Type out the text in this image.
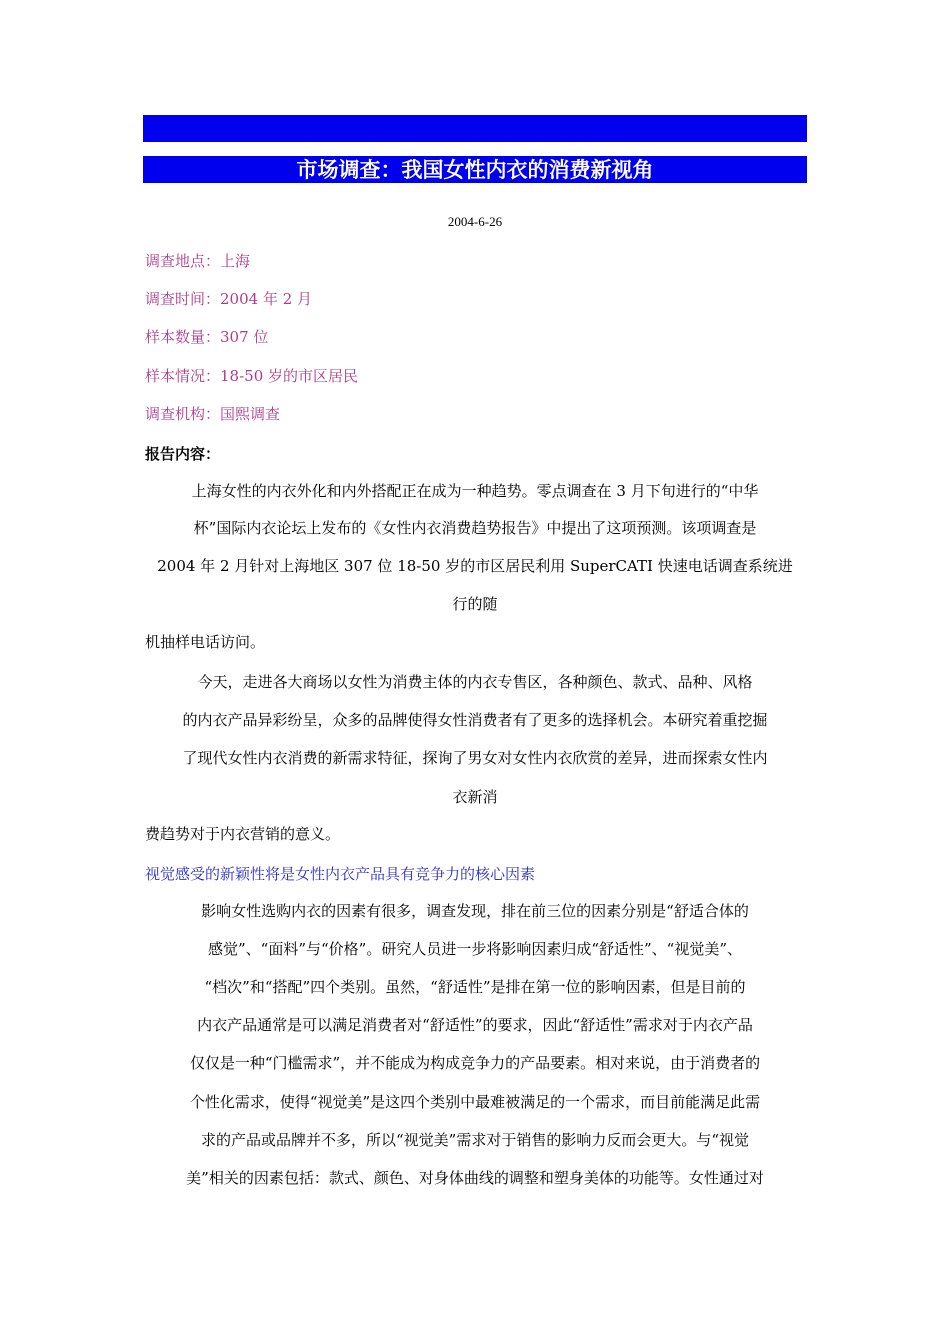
市场调查：我国女性内衣的消费新视角
2004-6-26
调查地点：上海
调查时间：2004 年 2 月
样本数量：307 位
样本情况：18-50 岁的市区居民
调查机构：国熙调查
报告内容：
上海女性的内衣外化和内外搭配正在成为一种趋势。零点调查在 3 月下旬进行的“中华
杯”国际内衣论坛上发布的《女性内衣消费趋势报告》中提出了这项预测。该项调查是
2004 年 2 月针对上海地区 307 位 18-50 岁的市区居民利用 SuperCATI 快速电话调查系统进
行的随
机抽样电话访问。
今天，走进各大商场以女性为消费主体的内衣专售区，各种颜色、款式、品种、风格
的内衣产品异彩纷呈，众多的品牌使得女性消费者有了更多的选择机会。本研究着重挖掘
了现代女性内衣消费的新需求特征，探询了男女对女性内衣欣赏的差异，进而探索女性内
衣新消
费趋势对于内衣营销的意义。
视觉感受的新颖性将是女性内衣产品具有竞争力的核心因素
影响女性选购内衣的因素有很多，调查发现，排在前三位的因素分别是“舒适合体的
感觉”、“面料”与“价格”。研究人员进一步将影响因素归成“舒适性”、“视觉美”、
“档次”和“搭配”四个类别。虽然，“舒适性”是排在第一位的影响因素，但是目前的
内衣产品通常是可以满足消费者对“舒适性”的要求，因此“舒适性”需求对于内衣产品
仅仅是一种“门槛需求”，并不能成为构成竞争力的产品要素。相对来说，由于消费者的
个性化需求，使得“视觉美”是这四个类别中最难被满足的一个需求，而目前能满足此需
求的产品或品牌并不多，所以“视觉美”需求对于销售的影响力反而会更大。与“视觉
美”相关的因素包括：款式、颜色、对身体曲线的调整和塑身美体的功能等。女性通过对
